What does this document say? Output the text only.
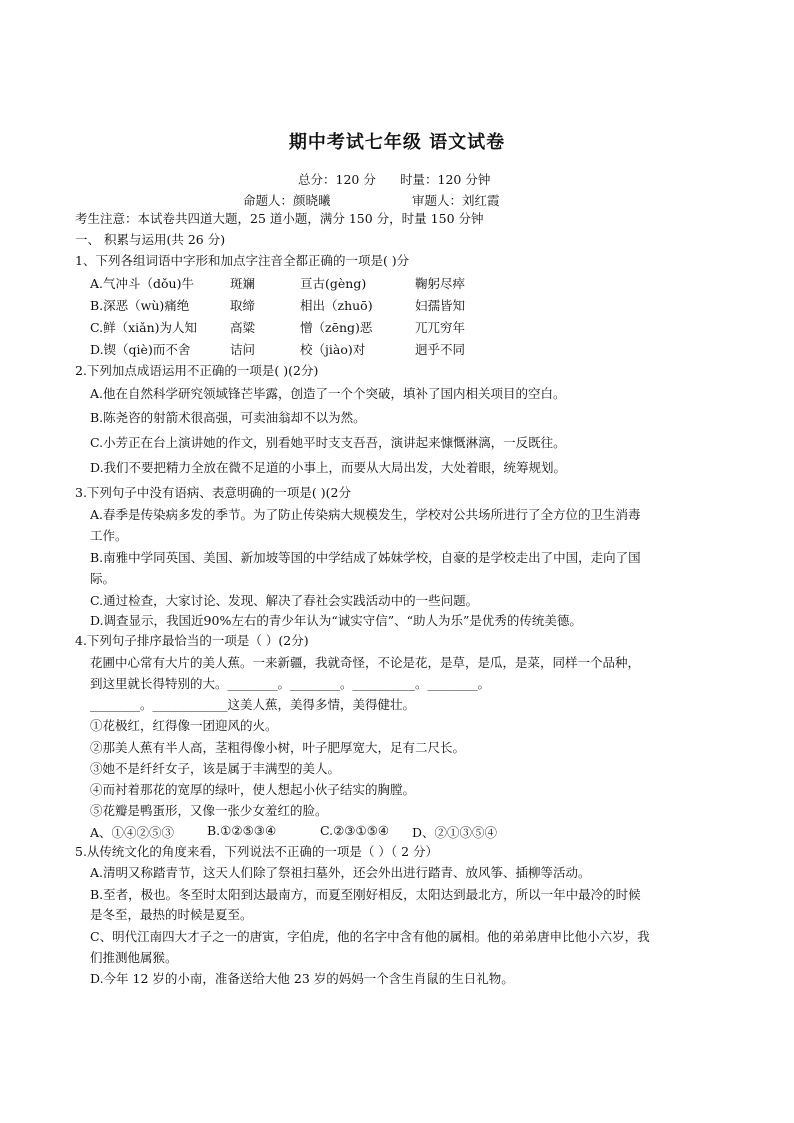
期中考试七年级 语文试卷
总分：120 分 时量：120 分钟
命题人：颜晓曦	审题人：刘红霞
考生注意：本试卷共四道大题，25 道小题，满分 150 分，时量 150 分钟
一、 积累与运用(共 26 分)
1、下列各组词语中字形和加点字注音全都正确的一项是( )分
A.气冲斗（dǒu)牛	斑斓	亘古(gèng)	鞠躬尽瘁
B.深恶（wù)痛绝	取缔	相出（zhuō)	妇孺皆知
C.鲜（xiǎn)为人知	高粱	憎（zēng)恶	兀兀穷年
D.锲（qiè)而不舍	诘问	校（jiào)对	迥乎不同
2.下列加点成语运用不正确的一项是( )(2分)
A.他在自然科学研究领域锋芒毕露，创造了一个个突破，填补了国内相关项目的空白。
B.陈尧咨的射箭术很高强，可卖油翁却不以为然。
C.小芳正在台上演讲她的作文，别看她平时支支吾吾，演讲起来慷慨淋漓，一反既往。
D.我们不要把精力全放在微不足道的小事上，而要从大局出发，大处着眼，统筹规划。
3.下列句子中没有语病、表意明确的一项是( )(2分
A.春季是传染病多发的季节。为了防止传染病大规模发生，学校对公共场所进行了全方位的卫生消毒
工作。
B.南雅中学同英国、美国、新加坡等国的中学结成了姊妹学校，自豪的是学校走出了中国，走向了国
际。
C.通过检查，大家讨论、发现、解决了春社会实践活动中的一些问题。
D.调查显示，我国近90%左右的青少年认为“诚实守信”、“助人为乐”是优秀的传统美德。
4.下列句子排序最恰当的一项是（ ）(2分)
花圃中心常有大片的美人蕉。一来新疆，我就奇怪，不论是花，是草，是瓜，是菜，同样一个品种，
到这里就长得特别的大。________。________。__________。________。
________。____________这美人蕉，美得多情，美得健壮。
①花极红，红得像一团迎风的火。
②那美人蕉有半人高，茎粗得像小树，叶子肥厚宽大，足有二尺长。
③她不是纤纤女子，该是属于丰满型的美人。
④而衬着那花的宽厚的绿叶，使人想起小伙子结实的胸膛。
⑤花瓣是鸭蛋形，又像一张少女羞红的脸。
A、①④②⑤③	B.①②⑤③④	C.②③①⑤④ D、②①③⑤④
5.从传统文化的角度来看，下列说法不正确的一项是（ ）（ 2 分）
A.清明又称踏青节，这天人们除了祭祖扫墓外，还会外出进行踏青、放风筝、插柳等活动。
B.至者，极也。冬至时太阳到达最南方，而夏至刚好相反，太阳达到最北方，所以一年中最冷的时候
是冬至，最热的时候是夏至。
C、明代江南四大才子之一的唐寅，字伯虎，他的名字中含有他的属相。他的弟弟唐申比他小六岁，我
们推测他属猴。
D.今年 12 岁的小南，准备送给大他 23 岁的妈妈一个含生肖鼠的生日礼物。
